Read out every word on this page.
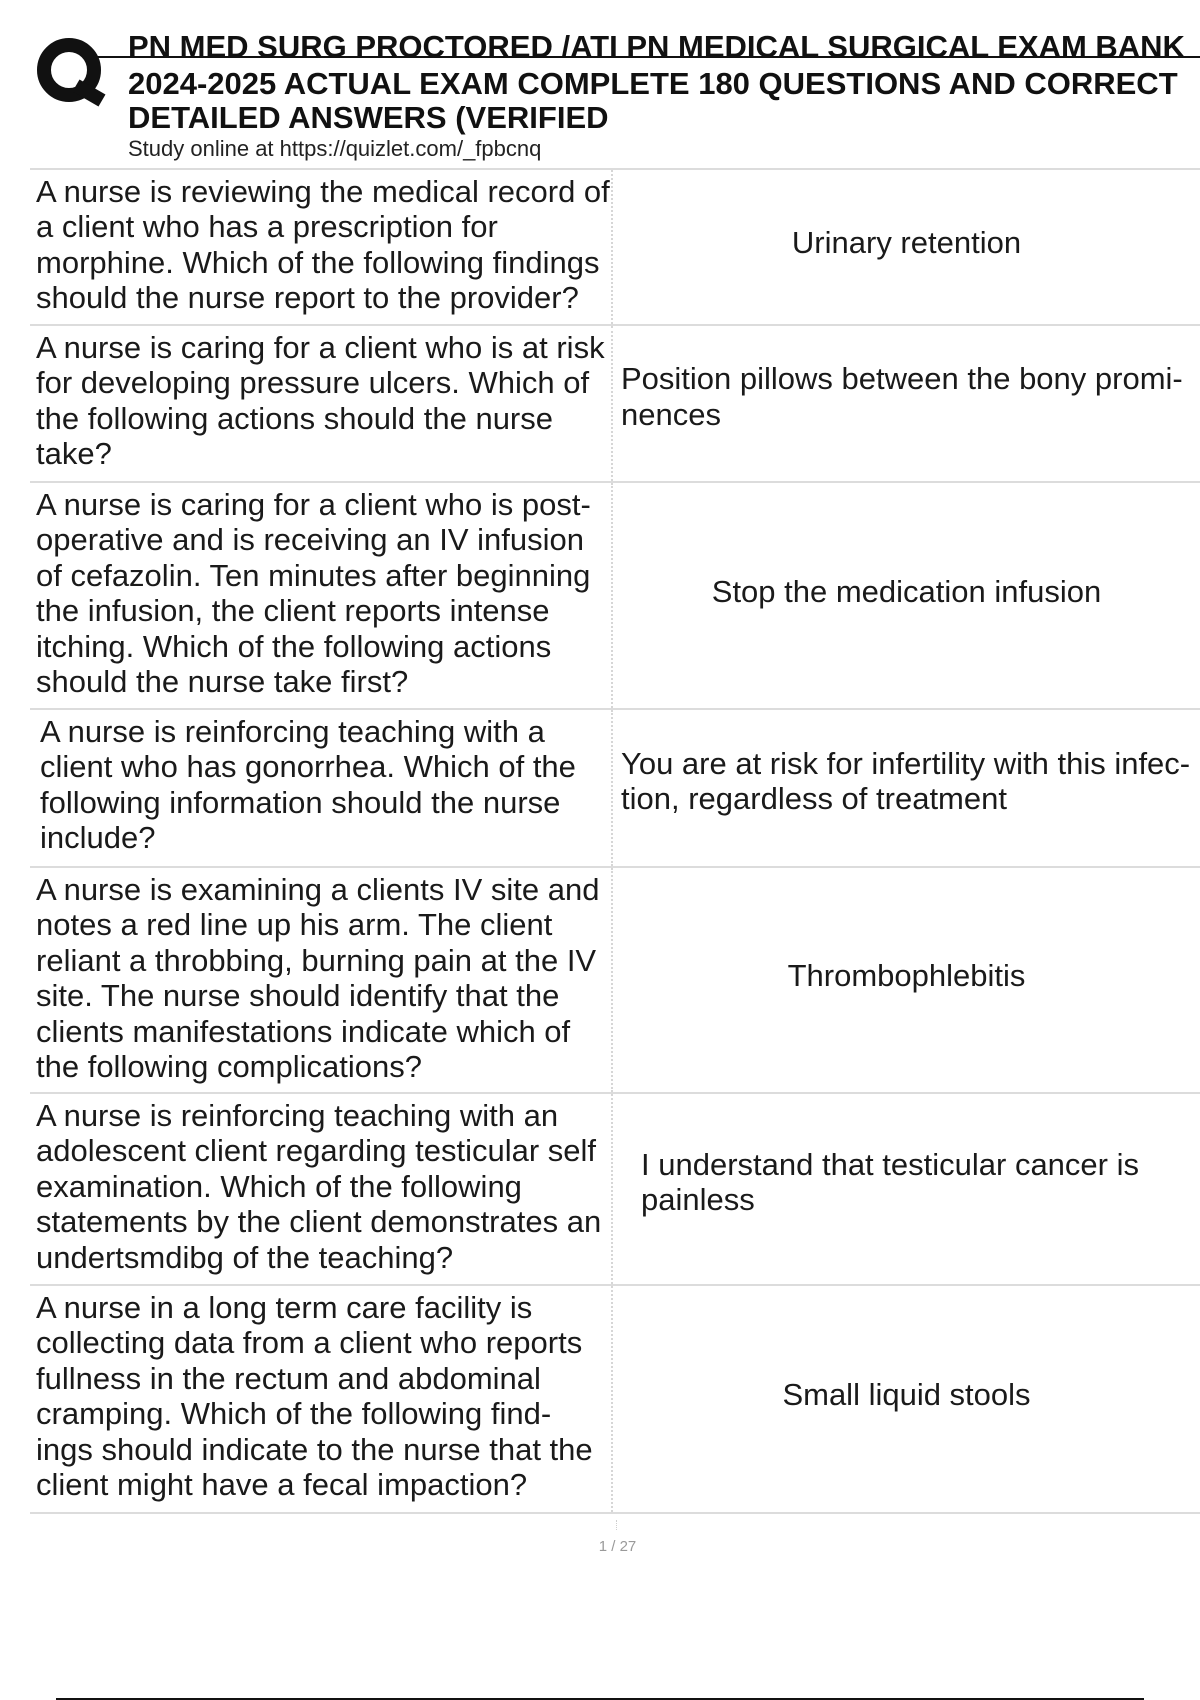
PN MED SURG PROCTORED /ATI PN MEDICAL SURGICAL EXAM BANK
2024-2025 ACTUAL EXAM COMPLETE 180 QUESTIONS AND CORRECT
DETAILED ANSWERS (VERIFIED
Study online at https://quizlet.com/_fpbcnq
A nurse is reviewing the medical record of a client who has a prescription for morphine. Which of the following findings should the nurse report to the provider?
Urinary retention
A nurse is caring for a client who is at risk for developing pressure ulcers. Which of the following actions should the nurse take?
Position pillows between the bony promi- nences
A nurse is caring for a client who is post- operative and is receiving an IV infusion of cefazolin. Ten minutes after beginning the infusion, the client reports intense itching. Which of the following actions should the nurse take first?
Stop the medication infusion
A nurse is reinforcing teaching with a client who has gonorrhea. Which of the following information should the nurse include?
You are at risk for infertility with this infec- tion, regardless of treatment
A nurse is examining a clients IV site and notes a red line up his arm. The client reliant a throbbing, burning pain at the IV site. The nurse should identify that the clients manifestations indicate which of the following complications?
Thrombophlebitis
A nurse is reinforcing teaching with an adolescent client regarding testicular self examination. Which of the following statements by the client demonstrates an undertsmdibg of the teaching?
I understand that testicular cancer is painless
A nurse in a long term care facility is collecting data from a client who reports fullness in the rectum and abdominal cramping. Which of the following find- ings should indicate to the nurse that the client might have a fecal impaction?
Small liquid stools
1 / 27
